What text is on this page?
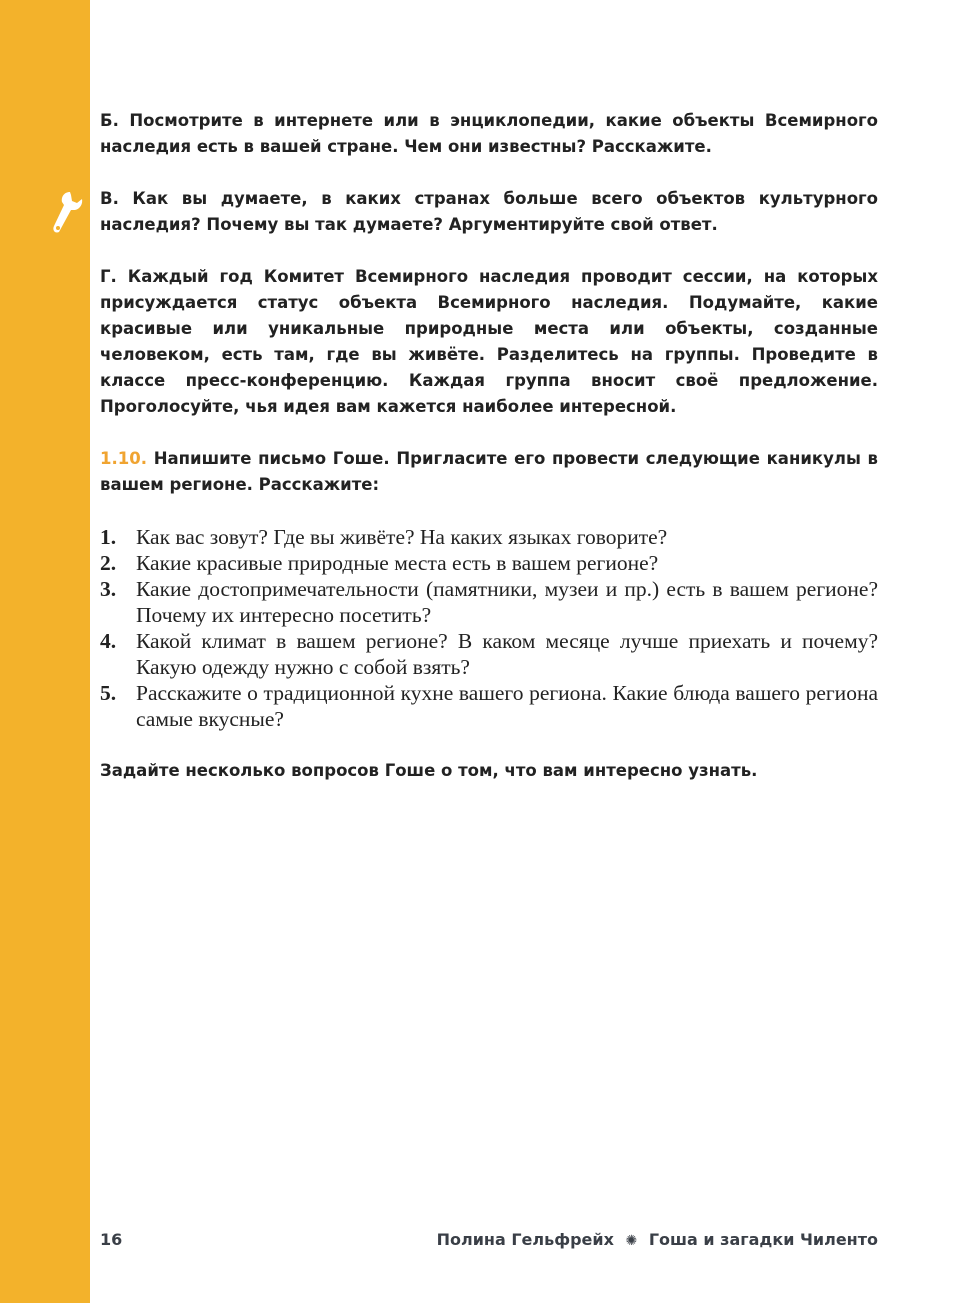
Б. Посмотрите в интернете или в энциклопедии, какие объекты Всемирного наследия есть в вашей стране. Чем они известны? Расскажите.

В. Как вы думаете, в каких странах больше всего объектов культурного наследия? Почему вы так думаете? Аргументируйте свой ответ.

Г. Каждый год Комитет Всемирного наследия проводит сессии, на которых присуждается статус объекта Всемирного наследия. Подумайте, какие красивые или уникальные природные места или объекты, созданные человеком, есть там, где вы живёте. Разделитесь на группы. Проведите в классе пресс-конференцию. Каждая группа вносит своё предложение. Проголосуйте, чья идея вам кажется наиболее интересной.

1.10. Напишите письмо Гоше. Пригласите его провести следующие каникулы в вашем регионе. Расскажите:

1. Как вас зовут? Где вы живёте? На каких языках говорите?
2. Какие красивые природные места есть в вашем регионе?
3. Какие достопримечательности (памятники, музеи и пр.) есть в вашем регионе? Почему их интересно посетить?
4. Какой климат в вашем регионе? В каком месяце лучше приехать и почему? Какую одежду нужно с собой взять?
5. Расскажите о традиционной кухне вашего региона. Какие блюда вашего региона самые вкусные?

Задайте несколько вопросов Гоше о том, что вам интересно узнать.

16	Полина Гельфрейх ✺ Гоша и загадки Чиленто
